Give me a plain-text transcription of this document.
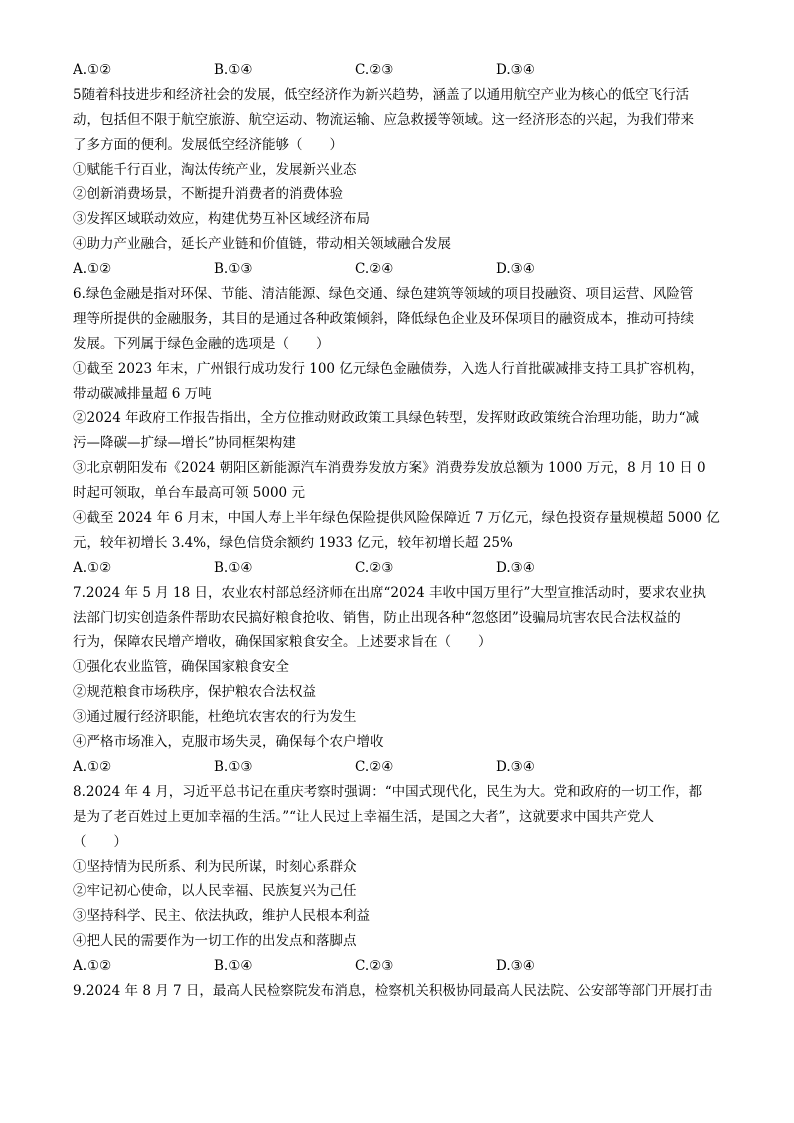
A.①②	B.①④	C.②③	D.③④
5随着科技进步和经济社会的发展，低空经济作为新兴趋势，涵盖了以通用航空产业为核心的低空飞行活
动，包括但不限于航空旅游、航空运动、物流运输、应急救援等领域。这一经济形态的兴起，为我们带来
了多方面的便利。发展低空经济能够（　　）
①赋能千行百业，淘汰传统产业，发展新兴业态
②创新消费场景，不断提升消费者的消费体验
③发挥区域联动效应，构建优势互补区域经济布局
④助力产业融合，延长产业链和价值链，带动相关领域融合发展
A.①②	B.①③	C.②④	D.③④
6.绿色金融是指对环保、节能、清洁能源、绿色交通、绿色建筑等领域的项目投融资、项目运营、风险管
理等所提供的金融服务，其目的是通过各种政策倾斜，降低绿色企业及环保项目的融资成本，推动可持续
发展。下列属于绿色金融的选项是（　　）
①截至 2023 年末，广州银行成功发行 100 亿元绿色金融债券，入选人行首批碳减排支持工具扩容机构，
带动碳减排量超 6 万吨
②2024 年政府工作报告指出，全方位推动财政政策工具绿色转型，发挥财政政策统合治理功能，助力“减
污—降碳—扩绿—增长”协同框架构建
③北京朝阳发布《2024 朝阳区新能源汽车消费券发放方案》消费券发放总额为 1000 万元，8 月 10 日 0
时起可领取，单台车最高可领 5000 元
④截至 2024 年 6 月末，中国人寿上半年绿色保险提供风险保障近 7 万亿元，绿色投资存量规模超 5000 亿
元，较年初增长 3.4%，绿色信贷余额约 1933 亿元，较年初增长超 25%
A.①②	B.①④	C.②③	D.③④
7.2024 年 5 月 18 日，农业农村部总经济师在出席“2024 丰收中国万里行”大型宣推活动时，要求农业执
法部门切实创造条件帮助农民搞好粮食抢收、销售，防止出现各种“忽悠团”设骗局坑害农民合法权益的
行为，保障农民增产增收，确保国家粮食安全。上述要求旨在（　　）
①强化农业监管，确保国家粮食安全
②规范粮食市场秩序，保护粮农合法权益
③通过履行经济职能，杜绝坑农害农的行为发生
④严格市场准入，克服市场失灵，确保每个农户增收
A.①②	B.①③	C.②④	D.③④
8.2024 年 4 月，习近平总书记在重庆考察时强调：“中国式现代化，民生为大。党和政府的一切工作，都
是为了老百姓过上更加幸福的生活。”“让人民过上幸福生活，是国之大者”，这就要求中国共产党人
（　　）
①坚持情为民所系、利为民所谋，时刻心系群众
②牢记初心使命，以人民幸福、民族复兴为己任
③坚持科学、民主、依法执政，维护人民根本利益
④把人民的需要作为一切工作的出发点和落脚点
A.①②	B.①④	C.②③	D.③④
9.2024 年 8 月 7 日，最高人民检察院发布消息，检察机关积极协同最高人民法院、公安部等部门开展打击
